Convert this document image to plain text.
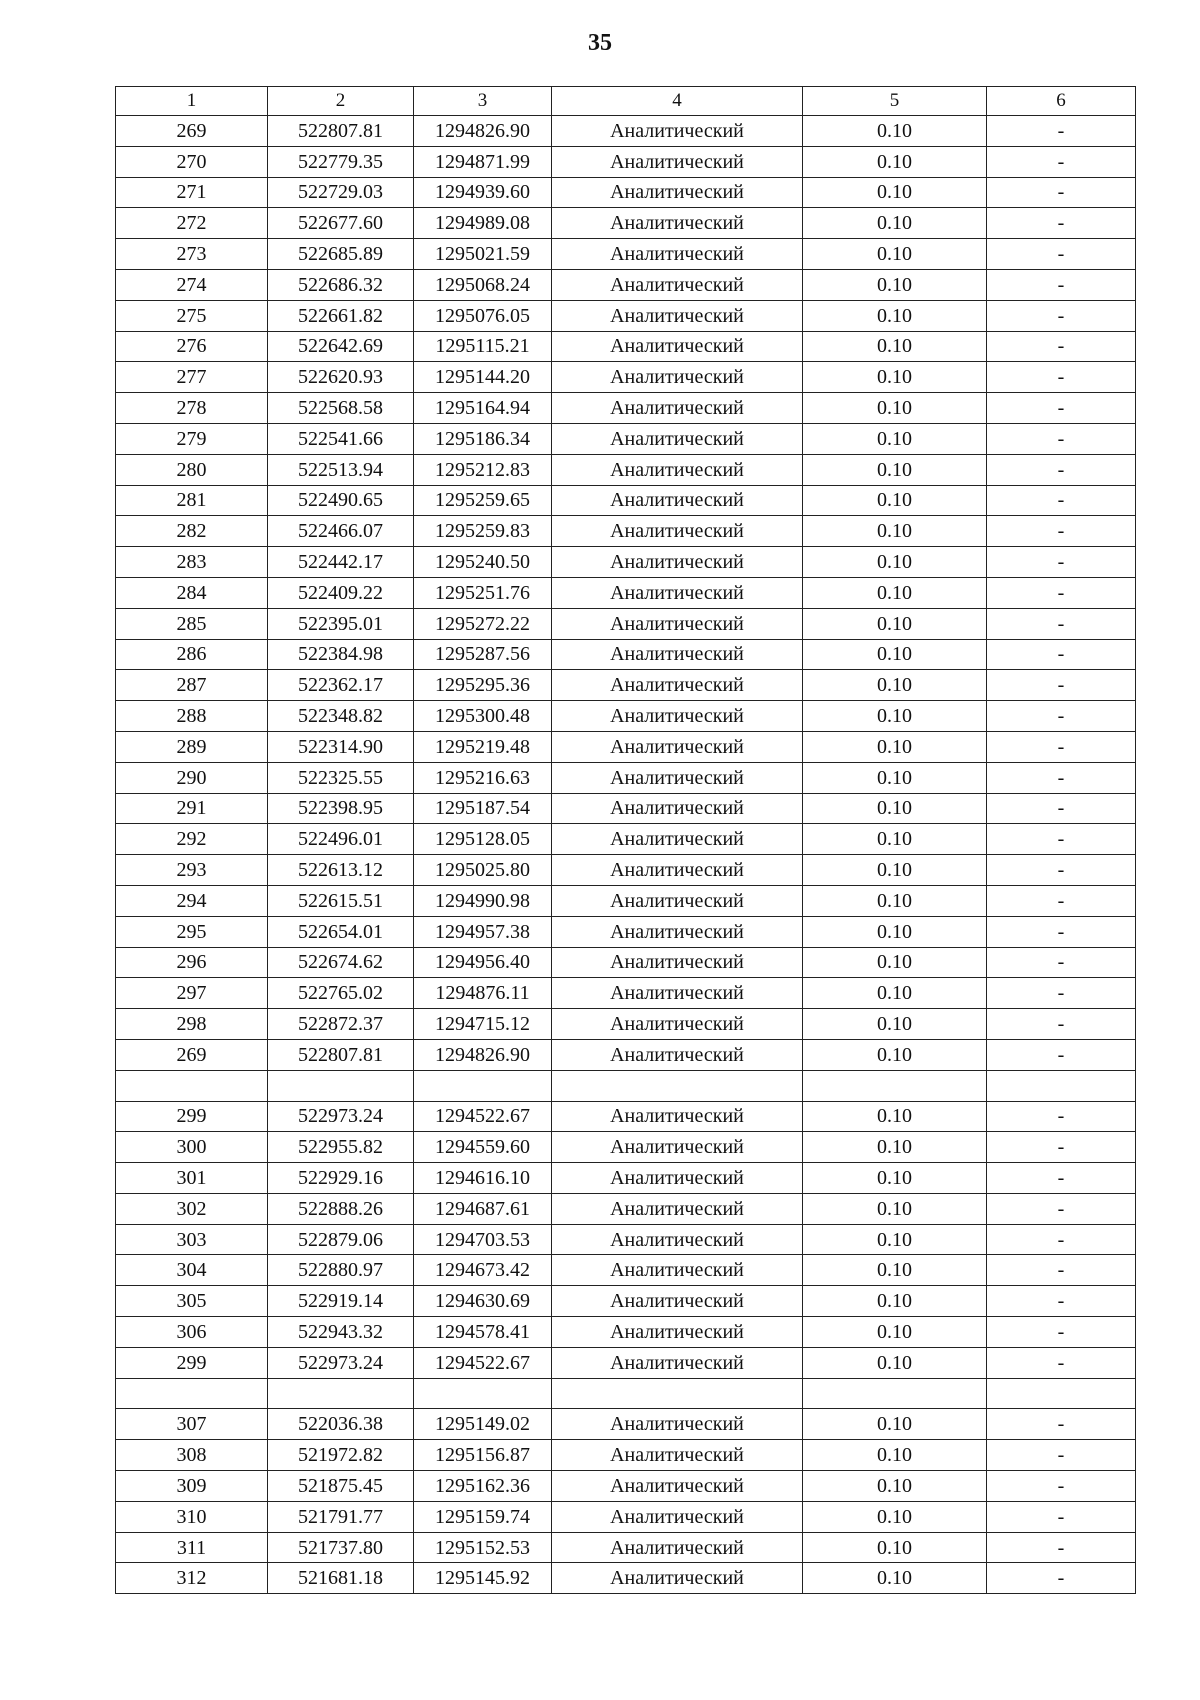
35
1	2	3	4	5	6
269	522807.81	1294826.90	Аналитический	0.10	-
270	522779.35	1294871.99	Аналитический	0.10	-
271	522729.03	1294939.60	Аналитический	0.10	-
272	522677.60	1294989.08	Аналитический	0.10	-
273	522685.89	1295021.59	Аналитический	0.10	-
274	522686.32	1295068.24	Аналитический	0.10	-
275	522661.82	1295076.05	Аналитический	0.10	-
276	522642.69	1295115.21	Аналитический	0.10	-
277	522620.93	1295144.20	Аналитический	0.10	-
278	522568.58	1295164.94	Аналитический	0.10	-
279	522541.66	1295186.34	Аналитический	0.10	-
280	522513.94	1295212.83	Аналитический	0.10	-
281	522490.65	1295259.65	Аналитический	0.10	-
282	522466.07	1295259.83	Аналитический	0.10	-
283	522442.17	1295240.50	Аналитический	0.10	-
284	522409.22	1295251.76	Аналитический	0.10	-
285	522395.01	1295272.22	Аналитический	0.10	-
286	522384.98	1295287.56	Аналитический	0.10	-
287	522362.17	1295295.36	Аналитический	0.10	-
288	522348.82	1295300.48	Аналитический	0.10	-
289	522314.90	1295219.48	Аналитический	0.10	-
290	522325.55	1295216.63	Аналитический	0.10	-
291	522398.95	1295187.54	Аналитический	0.10	-
292	522496.01	1295128.05	Аналитический	0.10	-
293	522613.12	1295025.80	Аналитический	0.10	-
294	522615.51	1294990.98	Аналитический	0.10	-
295	522654.01	1294957.38	Аналитический	0.10	-
296	522674.62	1294956.40	Аналитический	0.10	-
297	522765.02	1294876.11	Аналитический	0.10	-
298	522872.37	1294715.12	Аналитический	0.10	-
269	522807.81	1294826.90	Аналитический	0.10	-

299	522973.24	1294522.67	Аналитический	0.10	-
300	522955.82	1294559.60	Аналитический	0.10	-
301	522929.16	1294616.10	Аналитический	0.10	-
302	522888.26	1294687.61	Аналитический	0.10	-
303	522879.06	1294703.53	Аналитический	0.10	-
304	522880.97	1294673.42	Аналитический	0.10	-
305	522919.14	1294630.69	Аналитический	0.10	-
306	522943.32	1294578.41	Аналитический	0.10	-
299	522973.24	1294522.67	Аналитический	0.10	-

307	522036.38	1295149.02	Аналитический	0.10	-
308	521972.82	1295156.87	Аналитический	0.10	-
309	521875.45	1295162.36	Аналитический	0.10	-
310	521791.77	1295159.74	Аналитический	0.10	-
311	521737.80	1295152.53	Аналитический	0.10	-
312	521681.18	1295145.92	Аналитический	0.10	-
